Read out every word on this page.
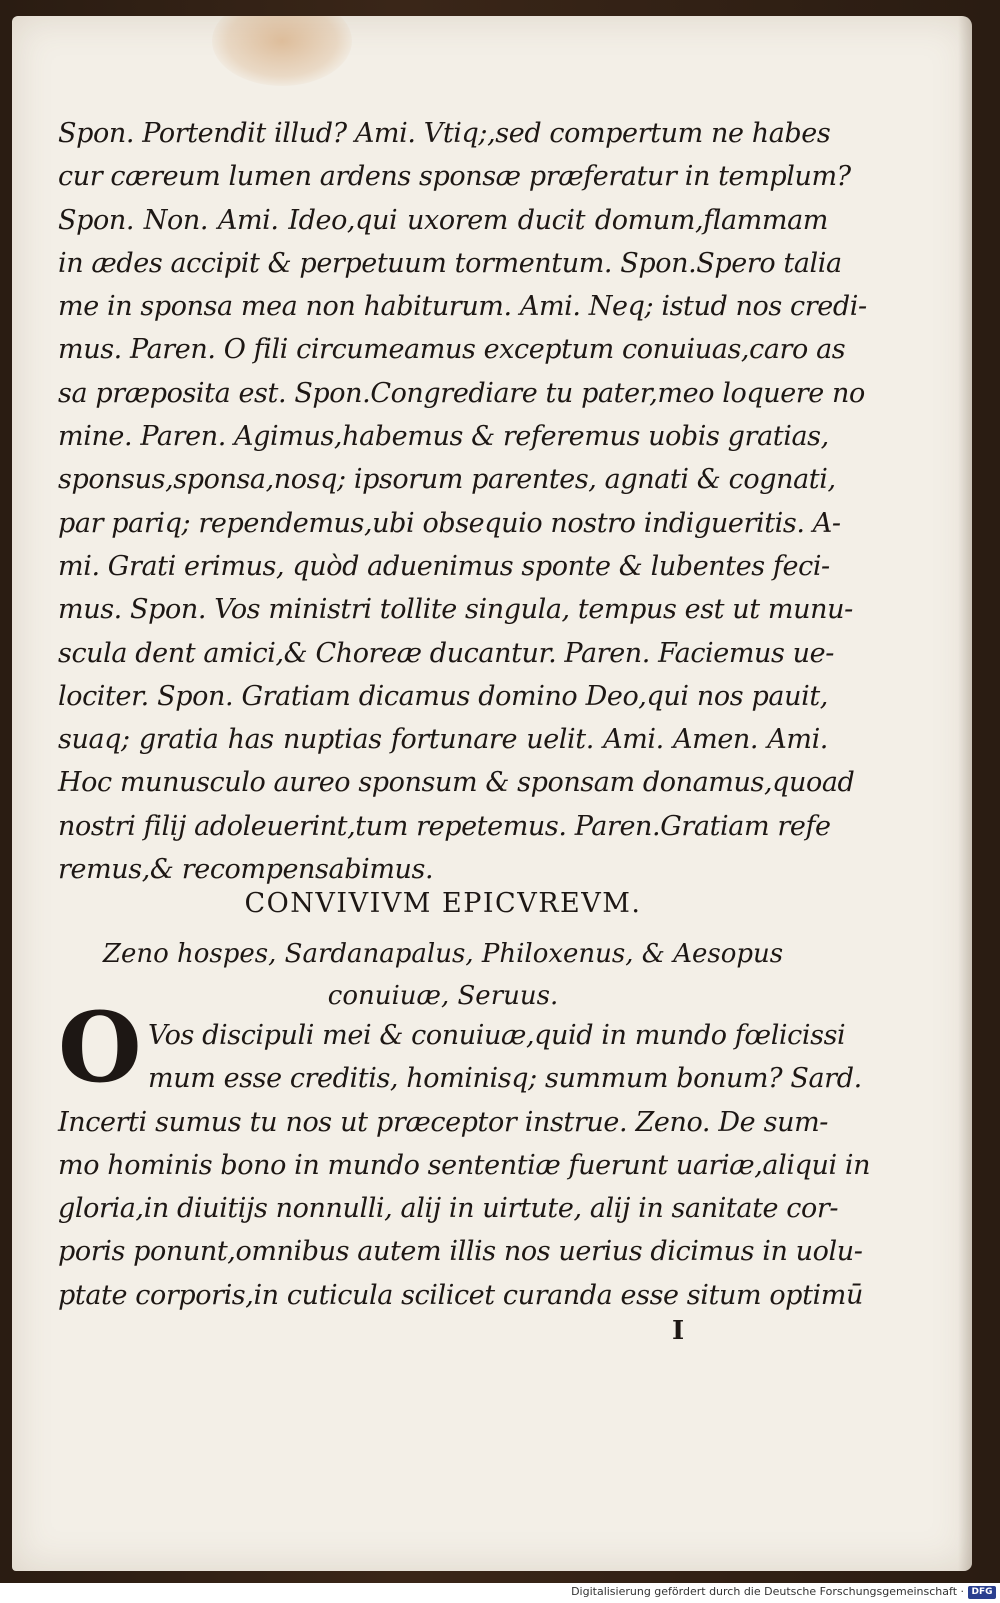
Spon. Portendit illud? Ami. Vtiq;,sed compertum ne habes
cur cæreum lumen ardens sponsæ præferatur in templum?
Spon. Non. Ami. Ideo,qui uxorem ducit domum,flammam
in ædes accipit & perpetuum tormentum. Spon.Spero talia
me in sponsa mea non habiturum. Ami. Neq; istud nos credi-
mus. Paren. O fili circumeamus exceptum conuiuas,caro as
sa præposita est. Spon.Congrediare tu pater,meo loquere no
mine. Paren. Agimus,habemus & referemus uobis gratias,
sponsus,sponsa,nosq; ipsorum parentes, agnati & cognati,
par pariq; rependemus,ubi obsequio nostro indigueritis. A-
mi. Grati erimus, quòd aduenimus sponte & lubentes feci-
mus. Spon. Vos ministri tollite singula, tempus est ut munu-
scula dent amici,& Choreæ ducantur. Paren. Faciemus ue-
lociter. Spon. Gratiam dicamus domino Deo,qui nos pauit,
suaq; gratia has nuptias fortunare uelit. Ami. Amen. Ami.
Hoc munusculo aureo sponsum & sponsam donamus,quoad
nostri filij adoleuerint,tum repetemus. Paren.Gratiam refe
remus,& recompensabimus.
CONVIVIVM EPICVREVM.
Zeno hospes, Sardanapalus, Philoxenus, & Aesopus
conuiuæ, Seruus.
O Vos discipuli mei & conuiuæ,quid in mundo fœlicissi
mum esse creditis, hominisq; summum bonum? Sard.
Incerti sumus tu nos ut præceptor instrue. Zeno. De sum-
mo hominis bono in mundo sententiæ fuerunt uariæ,aliqui in
gloria,in diuitijs nonnulli, alij in uirtute, alij in sanitate cor-
poris ponunt,omnibus autem illis nos uerius dicimus in uolu-
ptate corporis,in cuticula scilicet curanda esse situm optimū
I
Digitalisierung gefördert durch die Deutsche Forschungsgemeinschaft · DFG
